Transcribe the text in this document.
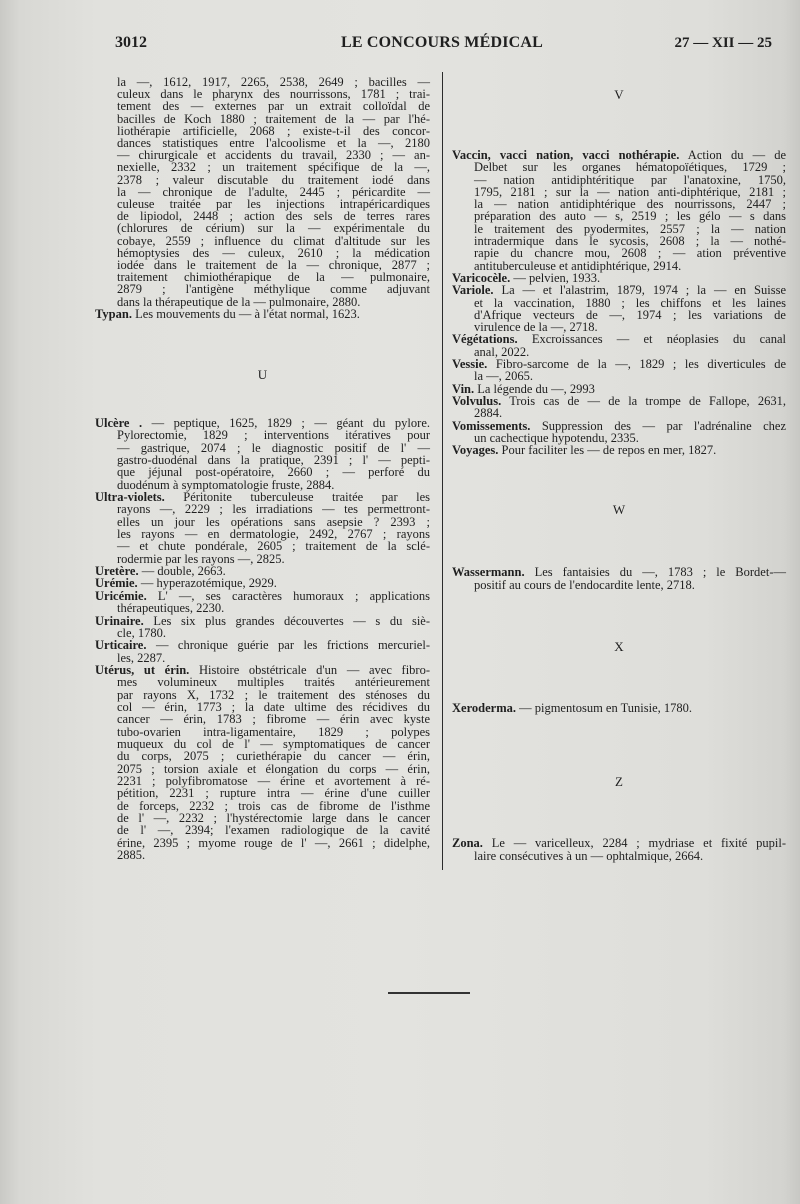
3012	LE CONCOURS MÉDICAL	27 — XII — 25
la —, 1612, 1917, 2265, 2538, 2649 ; bacilles —
culeux dans le pharynx des nourrissons, 1781 ; trai-
tement des — externes par un extrait colloïdal de
bacilles de Koch 1880 ; traitement de la — par l'hé-
liothérapie artificielle, 2068 ; existe-t-il des concor-
dances statistiques entre l'alcoolisme et la —, 2180
— chirurgicale et accidents du travail, 2330 ; — an-
nexielle, 2332 ; un traitement spécifique de la —,
2378 ; valeur discutable du traitement iodé dans
la — chronique de l'adulte, 2445 ; péricardite —
culeuse traitée par les injections intrapéricardiques
de lipiodol, 2448 ; action des sels de terres rares
(chlorures de cérium) sur la — expérimentale du
cobaye, 2559 ; influence du climat d'altitude sur les
hémoptysies des — culeux, 2610 ; la médication
iodée dans le traitement de la — chronique, 2877 ;
traitement chimiothérapique de la — pulmonaire,
2879 ; l'antigène méthylique comme adjuvant
dans la thérapeutique de la — pulmonaire, 2880.
Typan. Les mouvements du — à l'état normal, 1623.
U
Ulcère . — peptique, 1625, 1829 ; — géant du pylore.
Pylorectomie, 1829 ; interventions itératives pour
— gastrique, 2074 ; le diagnostic positif de l' —
gastro-duodénal dans la pratique, 2391 ; l' — pepti-
que jéjunal post-opératoire, 2660 ; — perforé du
duodénum à symptomatologie fruste, 2884.
Ultra-violets. Péritonite tuberculeuse traitée par les
rayons —, 2229 ; les irradiations — tes permettront-
elles un jour les opérations sans asepsie ? 2393 ;
les rayons — en dermatologie, 2492, 2767 ; rayons
— et chute pondérale, 2605 ; traitement de la sclé-
rodermie par les rayons —, 2825.
Uretère. — double, 2663.
Urémie. — hyperazotémique, 2929.
Uricémie. L' —, ses caractères humoraux ; applications
thérapeutiques, 2230.
Urinaire. Les six plus grandes découvertes — s du siè-
cle, 1780.
Urticaire. — chronique guérie par les frictions mercuriel-
les, 2287.
Utérus, ut érin. Histoire obstétricale d'un — avec fibro-
mes volumineux multiples traités antérieurement
par rayons X, 1732 ; le traitement des sténoses du
col — érin, 1773 ; la date ultime des récidives du
cancer — érin, 1783 ; fibrome — érin avec kyste
tubo-ovarien intra-ligamentaire, 1829 ; polypes
muqueux du col de l' — symptomatiques de cancer
du corps, 2075 ; curiethérapie du cancer — érin,
2075 ; torsion axiale et élongation du corps — érin,
2231 ; polyfibromatose — érine et avortement à ré-
pétition, 2231 ; rupture intra — érine d'une cuiller
de forceps, 2232 ; trois cas de fibrome de l'isthme
de l' —, 2232 ; l'hystérectomie large dans le cancer
de l' —, 2394; l'examen radiologique de la cavité
érine, 2395 ; myome rouge de l' —, 2661 ; didelphe,
2885.
V
Vaccin, vacci nation, vacci nothérapie. Action du — de
Delbet sur les organes hématopoïétiques, 1729 ;
— nation antidiphtéritique par l'anatoxine, 1750,
1795, 2181 ; sur la — nation anti-diphtérique, 2181 ;
la — nation antidiphtérique des nourrissons, 2447 ;
préparation des auto — s, 2519 ; les gélo — s dans
le traitement des pyodermites, 2557 ; la — nation
intradermique dans le sycosis, 2608 ; la — nothé-
rapie du chancre mou, 2608 ; — ation préventive
antituberculeuse et antidiphtérique, 2914.
Varicocèle. — pelvien, 1933.
Variole. La — et l'alastrim, 1879, 1974 ; la — en Suisse
et la vaccination, 1880 ; les chiffons et les laines
d'Afrique vecteurs de —, 1974 ; les variations de
virulence de la —, 2718.
Végétations. Excroissances — et néoplasies du canal
anal, 2022.
Vessie. Fibro-sarcome de la —, 1829 ; les diverticules de
la —, 2065.
Vin. La légende du —, 2993
Volvulus. Trois cas de — de la trompe de Fallope, 2631,
2884.
Vomissements. Suppression des — par l'adrénaline chez
un cachectique hypotendu, 2335.
Voyages. Pour faciliter les — de repos en mer, 1827.
W
Wassermann. Les fantaisies du —, 1783 ; le Bordet-—
positif au cours de l'endocardite lente, 2718.
X
Xeroderma. — pigmentosum en Tunisie, 1780.
Z
Zona. Le — varicelleux, 2284 ; mydriase et fixité pupil-
laire consécutives à un — ophtalmique, 2664.
